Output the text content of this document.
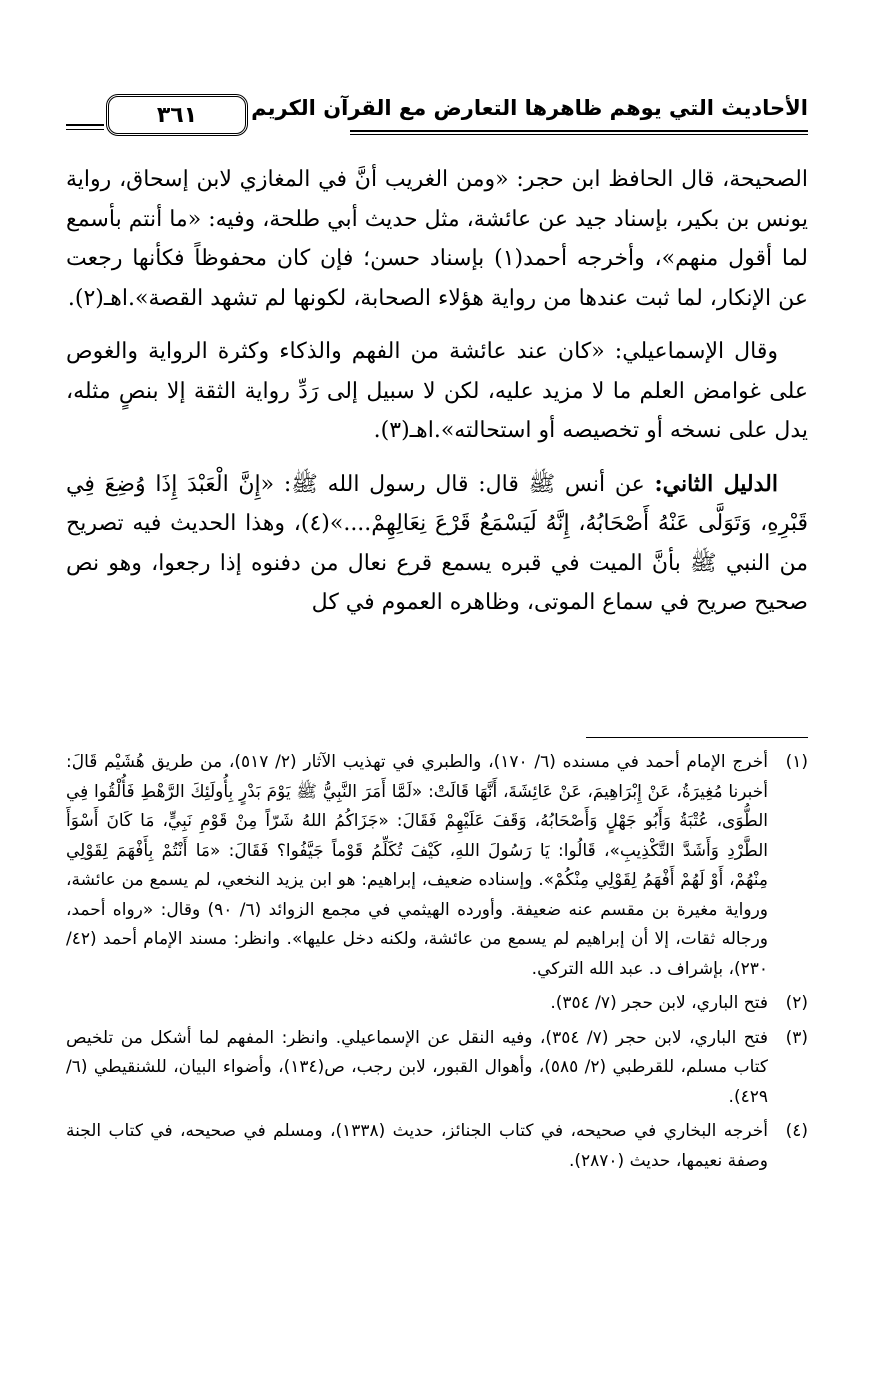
الأحاديث التي يوهم ظاهرها التعارض مع القرآن الكريم
٣٦١

الصحيحة، قال الحافظ ابن حجر: «ومن الغريب أنَّ في المغازي لابن إسحاق، رواية يونس بن بكير، بإسناد جيد عن عائشة، مثل حديث أبي طلحة، وفيه: «ما أنتم بأسمع لما أقول منهم»، وأخرجه أحمد(١) بإسناد حسن؛ فإن كان محفوظاً فكأنها رجعت عن الإنكار، لما ثبت عندها من رواية هؤلاء الصحابة، لكونها لم تشهد القصة».اهـ(٢).

وقال الإسماعيلي: «كان عند عائشة من الفهم والذكاء وكثرة الرواية والغوص على غوامض العلم ما لا مزيد عليه، لكن لا سبيل إلى رَدِّ رواية الثقة إلا بنصٍ مثله، يدل على نسخه أو تخصيصه أو استحالته».اهـ(٣).

الدليل الثاني: عن أنس ﷺ قال: قال رسول الله ﷺ: «إِنَّ الْعَبْدَ إِذَا وُضِعَ فِي قَبْرِهِ، وَتَوَلَّى عَنْهُ أَصْحَابُهُ، إِنَّهُ لَيَسْمَعُ قَرْعَ نِعَالِهِمْ....»(٤)، وهذا الحديث فيه تصريح من النبي ﷺ بأنَّ الميت في قبره يسمع قرع نعال من دفنوه إذا رجعوا، وهو نص صحيح صريح في سماع الموتى، وظاهره العموم في كل

(١)
أخرج الإمام أحمد في مسنده (٦/ ١٧٠)، والطبري في تهذيب الآثار (٢/ ٥١٧)، من طريق هُشَيْم قَالَ: أخبرنا مُغِيرَةُ، عَنْ إِبْرَاهِيمَ، عَنْ عَائِشَةَ، أَنَّهَا قَالَتْ: «لَمَّا أَمَرَ النَّبِيُّ ﷺ يَوْمَ بَدْرٍ بِأُولَئِكَ الرَّهْطِ فَأُلْقُوا فِي الطُّوَى، عُتْبَةُ وَأَبُو جَهْلٍ وَأَصْحَابُهُ، وَقَفَ عَلَيْهِمْ فَقَالَ: «جَزَاكُمُ اللهُ شَرّاً مِنْ قَوْمِ نَبِيٍّ، مَا كَانَ أَسْوَأَ الطَّرْدِ وَأَشَدَّ التَّكْذِيبِ»، قَالُوا: يَا رَسُولَ اللهِ، كَيْفَ تُكَلِّمُ قَوْماً جَيَّفُوا؟ فَقَالَ: «مَا أَنْتُمْ بِأَفْهَمَ لِقَوْلِي مِنْهُمْ، أَوْ لَهُمْ أَفْهَمُ لِقَوْلِي مِنْكُمْ». وإسناده ضعيف، إبراهيم: هو ابن يزيد النخعي، لم يسمع من عائشة، ورواية مغيرة بن مقسم عنه ضعيفة. وأورده الهيثمي في مجمع الزوائد (٦/ ٩٠) وقال: «رواه أحمد، ورجاله ثقات، إلا أن إبراهيم لم يسمع من عائشة، ولكنه دخل عليها». وانظر: مسند الإمام أحمد (٤٢/ ٢٣٠)، بإشراف د. عبد الله التركي.
(٢)
فتح الباري، لابن حجر (٧/ ٣٥٤).
(٣)
فتح الباري، لابن حجر (٧/ ٣٥٤)، وفيه النقل عن الإسماعيلي. وانظر: المفهم لما أشكل من تلخيص كتاب مسلم، للقرطبي (٢/ ٥٨٥)، وأهوال القبور، لابن رجب، ص(١٣٤)، وأضواء البيان، للشنقيطي (٦/ ٤٢٩).
(٤)
أخرجه البخاري في صحيحه، في كتاب الجنائز، حديث (١٣٣٨)، ومسلم في صحيحه، في كتاب الجنة وصفة نعيمها، حديث (٢٨٧٠).
